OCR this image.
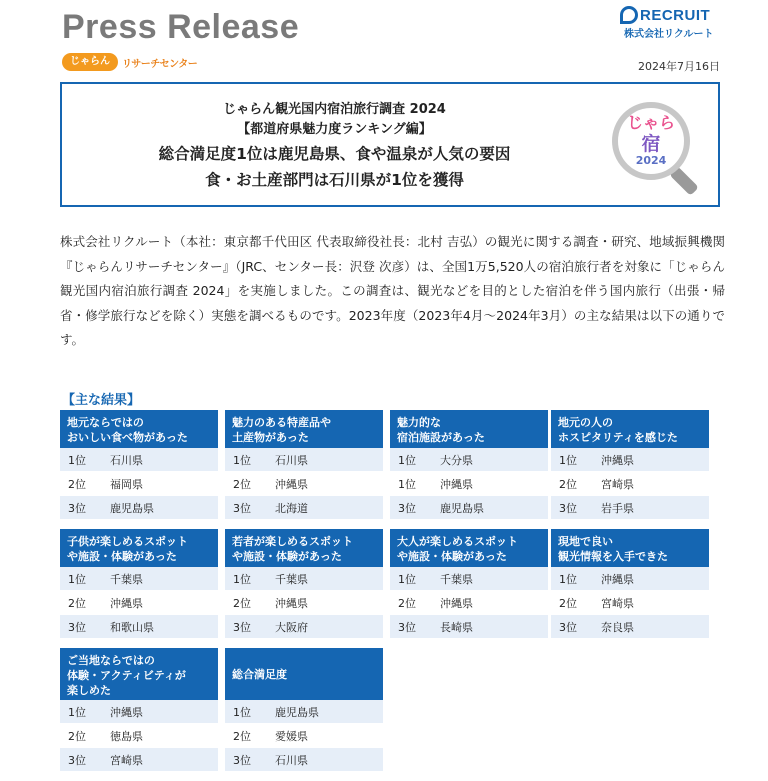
Press Release
じゃらん	リサーチセンター
RECRUIT
株式会社リクルート
2024年7月16日
じゃらん観光国内宿泊旅行調査 2024
【都道府県魅力度ランキング編】
総合満足度1位は鹿児島県、食や温泉が人気の要因
食・お土産部門は石川県が1位を獲得
じゃら
宿
2024

株式会社リクルート（本社：東京都千代田区 代表取締役社長：北村 吉弘）の観光に関する調査・研究、地域振興機関『じゃらんリサーチセンター』（JRC、センター長：沢登 次彦）は、全国1万5,520人の宿泊旅行者を対象に「じゃらん観光国内宿泊旅行調査 2024」を実施しました。この調査は、観光などを目的とした宿泊を伴う国内旅行（出張・帰省・修学旅行などを除く）実態を調べるものです。2023年度（2023年4月～2024年3月）の主な結果は以下の通りです。

【主な結果】
地元ならではの
おいしい食べ物があった
1位	石川県
2位	福岡県
3位	鹿児島県
魅力のある特産品や
土産物があった
1位	石川県
2位	沖縄県
3位	北海道
魅力的な
宿泊施設があった
1位	大分県
1位	沖縄県
3位	鹿児島県
地元の人の
ホスピタリティを感じた
1位	沖縄県
2位	宮崎県
3位	岩手県
子供が楽しめるスポット
や施設・体験があった
1位	千葉県
2位	沖縄県
3位	和歌山県
若者が楽しめるスポット
や施設・体験があった
1位	千葉県
2位	沖縄県
3位	大阪府
大人が楽しめるスポット
や施設・体験があった
1位	千葉県
2位	沖縄県
3位	長崎県
現地で良い
観光情報を入手できた
1位	沖縄県
2位	宮崎県
3位	奈良県
ご当地ならではの
体験・アクティビティが
楽しめた
1位	沖縄県
2位	徳島県
3位	宮崎県
総合満足度
1位	鹿児島県
2位	愛媛県
3位	石川県
